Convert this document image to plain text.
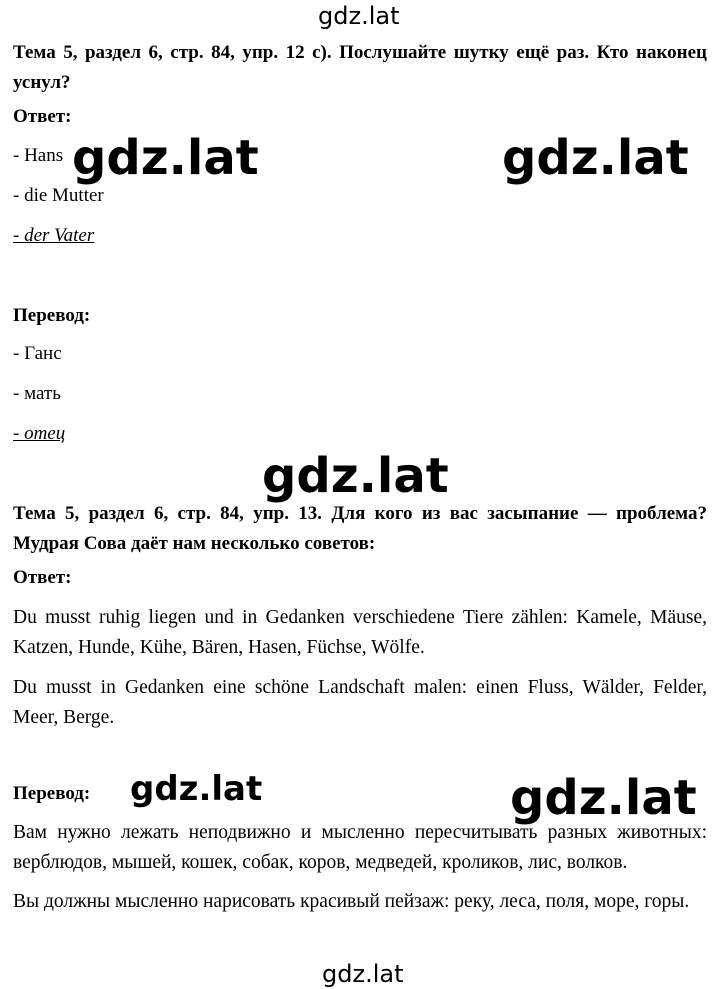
gdz.lat
Тема 5, раздел 6, стр. 84, упр. 12 с). Послушайте шутку ещё раз. Кто наконец уснул?
Ответ:
- Hans
- die Mutter
- der Vater
gdz.lat	gdz.lat
Перевод:
- Ганс
- мать
- отец
gdz.lat
Тема 5, раздел 6, стр. 84, упр. 13. Для кого из вас засыпание — проблема? Мудрая Сова даёт нам несколько советов:
Ответ:
Du musst ruhig liegen und in Gedanken verschiedene Tiere zählen: Kamele, Mäuse, Katzen, Hunde, Kühe, Bären, Hasen, Füchse, Wölfe.
Du musst in Gedanken eine schöne Landschaft malen: einen Fluss, Wälder, Felder, Meer, Berge.
Перевод: gdz.lat	gdz.lat
Вам нужно лежать неподвижно и мысленно пересчитывать разных животных: верблюдов, мышей, кошек, собак, коров, медведей, кроликов, лис, волков.
Вы должны мысленно нарисовать красивый пейзаж: реку, леса, поля, море, горы.
gdz.lat
